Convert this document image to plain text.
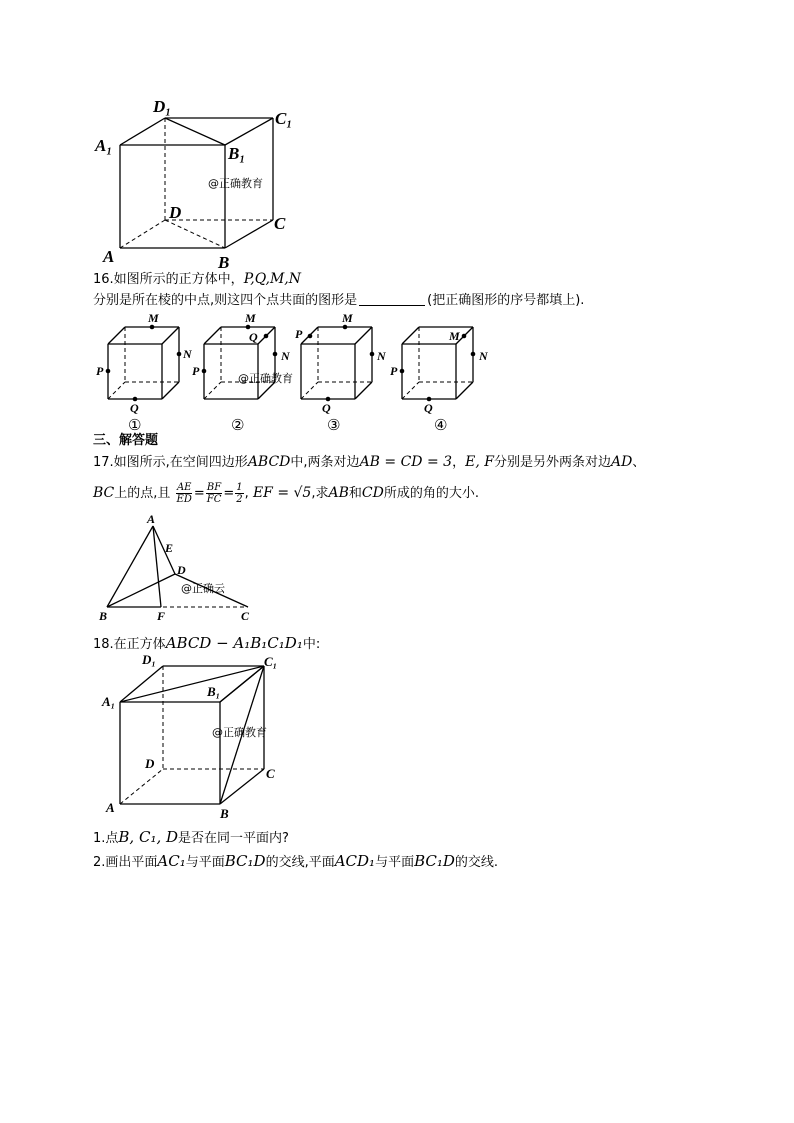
D₁
C₁
A₁	B₁
D
C
A	B
@正确教育
16.如图所示的正方体中，P,Q,M,N
分别是所在棱的中点,则这四个点共面的图形是	(把正确图形的序号都填上).
M
N
P
Q
①
M
Q
N
P
@正确教育
②
P
M
N
Q
③
M
N
P
Q
④
三、解答题
17.如图所示,在空间四边形ABCD中,两条对边AB = CD = 3，E, F分别是另外两条对边AD、
BC上的点,且 $\frac{AE}{ED} = \frac{BF}{FC} = \frac{1}{2}$ , EF = √5,求AB和CD所成的角的大小.
A
E
D
B	F	C
@正确云
18.在正方体ABCD − A₁B₁C₁D₁中:
D₁	C₁
A₁
B₁
D
C
A	B
@正确教育
1.点B, C₁, D是否在同一平面内?
2.画出平面AC₁与平面BC₁D的交线,平面ACD₁与平面BC₁D的交线.
